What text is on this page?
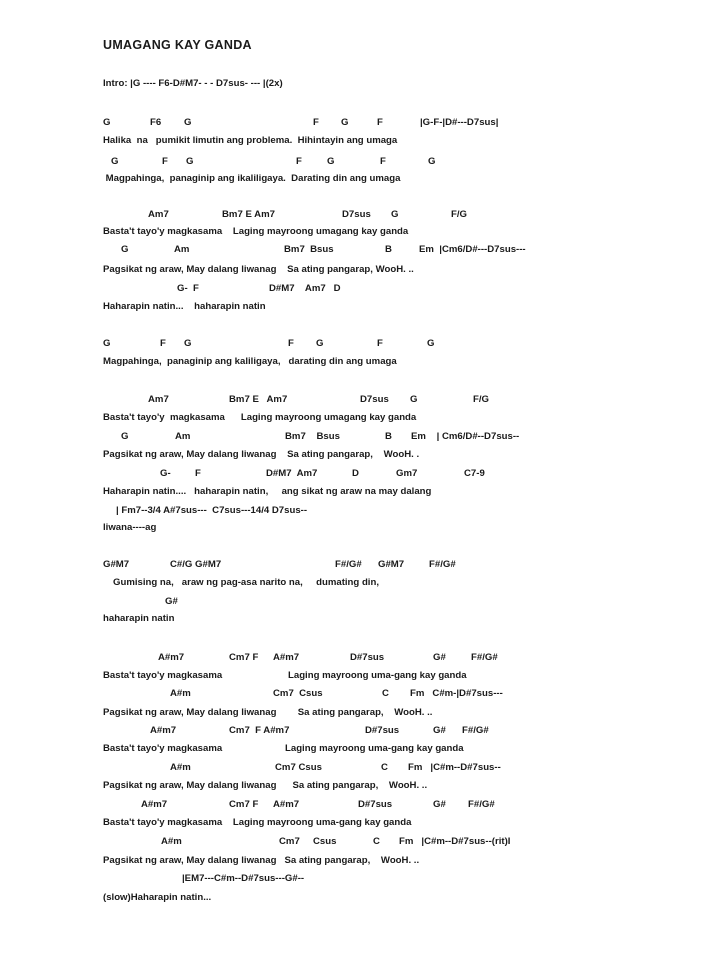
UMAGANG KAY GANDA
Intro: |G ---- F6-D#M7- - - D7sus- --- |(2x)
G	F6 G	F G	F	|G-F-|D#---D7sus|
Halika  na   pumikit limutin ang problema.  Hihintayin ang umaga
G	F G	F	G	F	G
Magpahinga,  panaginip ang ikaliligaya.  Darating din ang umaga
Am7	Bm7 E Am7	D7sus G	F/G
Basta't tayo'y magkasama    Laging mayroong umagang kay ganda
G	Am	Bm7  Bsus	B	Em  |Cm6/D#---D7sus---
Pagsikat ng araw, May dalang liwanag    Sa ating pangarap, WooH. ..
G-  F	D#M7    Am7   D
Haharapin natin...    haharapin natin
G	F G	F G	F	G
Magpahinga,  panaginip ang kaliligaya,   darating din ang umaga
Am7	Bm7 E   Am7	D7sus G	F/G
Basta't tayo'y  magkasama      Laging mayroong umagang kay ganda
G	Am	Bm7    Bsus	B Em    | Cm6/D#--D7sus--
Pagsikat ng araw, May dalang liwanag    Sa ating pangarap,    WooH. .
G-	F	D#M7  Am7	D	Gm7	C7-9
Haharapin natin....   haharapin natin,     ang sikat ng araw na may dalang
| Fm7--3/4 A#7sus---  C7sus---14/4 D7sus--
liwana----ag
G#M7	C#/G G#M7	F#/G# G#M7	F#/G#
Gumising na,   araw ng pag-asa narito na,     dumating din,
G#
haharapin natin
A#m7	Cm7 F A#m7	D#7sus	G#	F#/G#
Basta't tayo'y magkasama	Laging mayroong uma-gang kay ganda
A#m	Cm7  Csus	C Fm   C#m-|D#7sus---
Pagsikat ng araw, May dalang liwanag        Sa ating pangarap,    WooH. ..
A#m7	Cm7  F A#m7	D#7sus	G# F#/G#
Basta't tayo'y magkasama	Laging mayroong uma-gang kay ganda
A#m	Cm7 Csus	C Fm   |C#m--D#7sus--
Pagsikat ng araw, May dalang liwanag      Sa ating pangarap,    WooH. ..
A#m7	Cm7 F A#m7	D#7sus	G# F#/G#
Basta't tayo'y magkasama    Laging mayroong uma-gang kay ganda
A#m	Cm7 Csus	C Fm   |C#m--D#7sus--(rit)I
Pagsikat ng araw, May dalang liwanag   Sa ating pangarap,    WooH. ..
|EM7---C#m--D#7sus---G#--
(slow)Haharapin natin...
